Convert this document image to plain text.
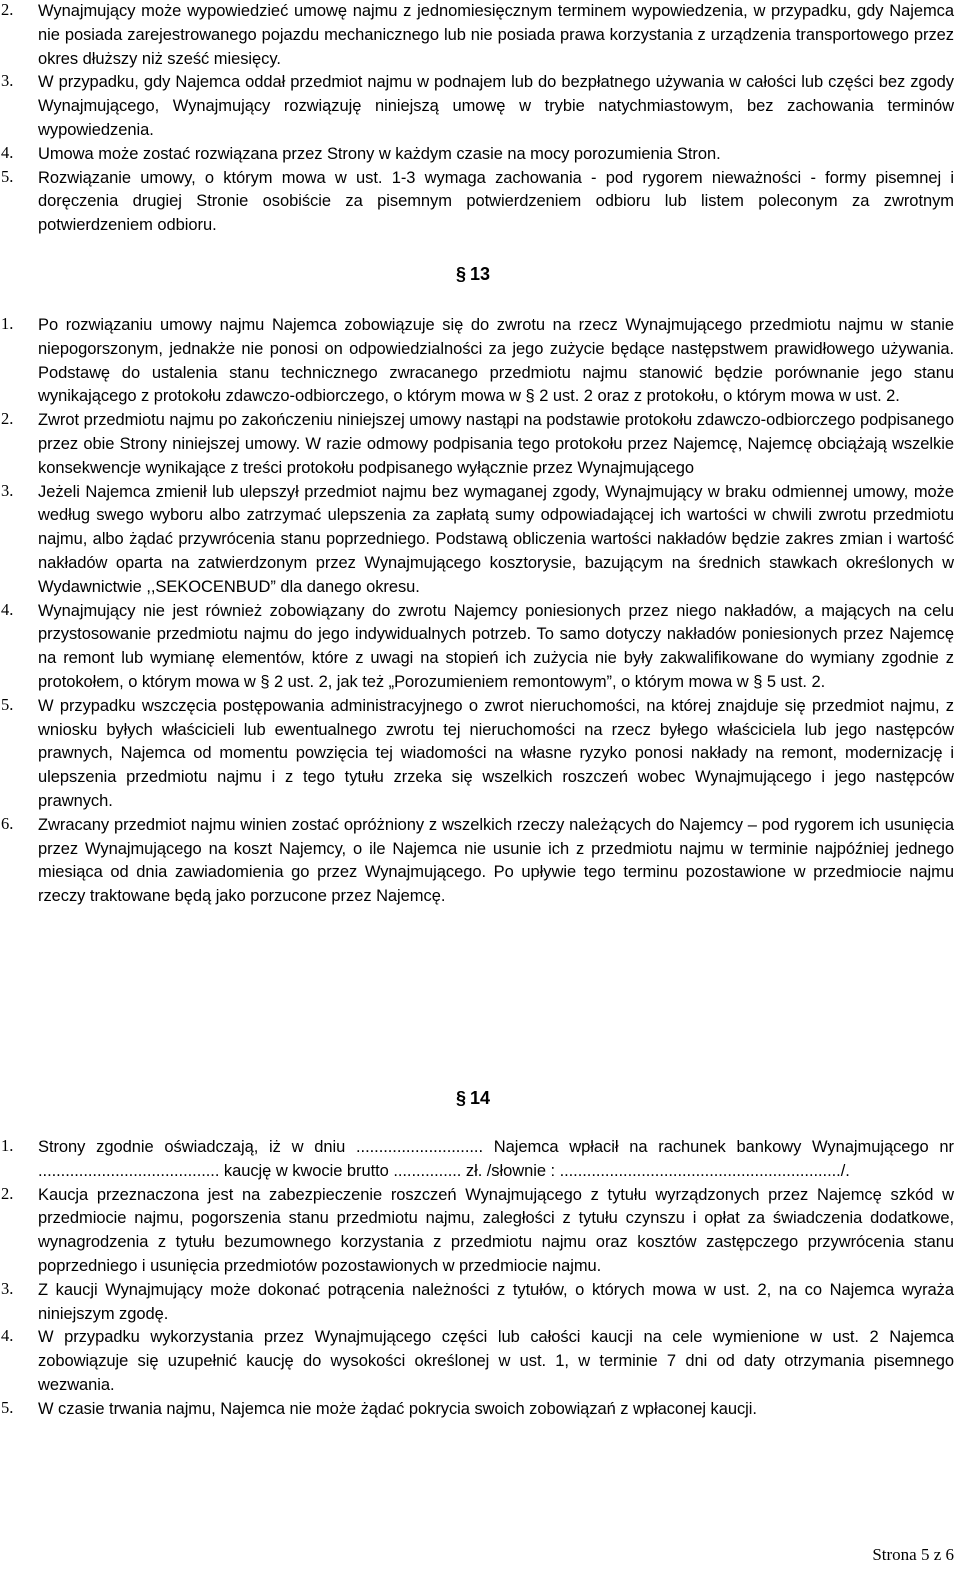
2. Wynajmujący może wypowiedzieć umowę najmu z jednomiesięcznym terminem wypowiedzenia, w przypadku, gdy Najemca nie posiada zarejestrowanego pojazdu mechanicznego lub nie posiada prawa korzystania z urządzenia transportowego przez okres dłuższy niż sześć miesięcy.
3. W przypadku, gdy Najemca oddał przedmiot najmu w podnajem lub do bezpłatnego używania w całości lub części bez zgody Wynajmującego, Wynajmujący rozwiązuję niniejszą umowę w trybie natychmiastowym, bez zachowania terminów wypowiedzenia.
4. Umowa może zostać rozwiązana przez Strony w każdym czasie na mocy porozumienia Stron.
5. Rozwiązanie umowy, o którym mowa w ust. 1-3 wymaga zachowania - pod rygorem nieważności - formy pisemnej i doręczenia drugiej Stronie osobiście za pisemnym potwierdzeniem odbioru lub listem poleconym za zwrotnym potwierdzeniem odbioru.
§ 13
1. Po rozwiązaniu umowy najmu Najemca zobowiązuje się do zwrotu na rzecz Wynajmującego przedmiotu najmu w stanie niepogorszonym, jednakże nie ponosi on odpowiedzialności za jego zużycie będące następstwem prawidłowego używania. Podstawę do ustalenia stanu technicznego zwracanego przedmiotu najmu stanowić będzie porównanie jego stanu wynikającego z protokołu zdawczo-odbiorczego, o którym mowa w § 2 ust. 2 oraz z protokołu, o którym mowa w ust. 2.
2. Zwrot przedmiotu najmu po zakończeniu niniejszej umowy nastąpi na podstawie protokołu zdawczo-odbiorczego podpisanego przez obie Strony niniejszej umowy. W razie odmowy podpisania tego protokołu przez Najemcę, Najemcę obciążają wszelkie konsekwencje wynikające z treści protokołu podpisanego wyłącznie przez Wynajmującego
3. Jeżeli Najemca zmienił lub ulepszył przedmiot najmu bez wymaganej zgody, Wynajmujący w braku odmiennej umowy, może według swego wyboru albo zatrzymać ulepszenia za zapłatą sumy odpowiadającej ich wartości w chwili zwrotu przedmiotu najmu, albo żądać przywrócenia stanu poprzedniego. Podstawą obliczenia wartości nakładów będzie zakres zmian i wartość nakładów oparta na zatwierdzonym przez Wynajmującego kosztorysie, bazującym na średnich stawkach określonych w Wydawnictwie ,,SEKOCENBUD” dla danego okresu.
4. Wynajmujący nie jest również zobowiązany do zwrotu Najemcy poniesionych przez niego nakładów, a mających na celu przystosowanie przedmiotu najmu do jego indywidualnych potrzeb. To samo dotyczy nakładów poniesionych przez Najemcę na remont lub wymianę elementów, które z uwagi na stopień ich zużycia nie były zakwalifikowane do wymiany zgodnie z protokołem, o którym mowa w § 2 ust. 2, jak też „Porozumieniem remontowym”, o którym mowa w § 5 ust. 2.
5. W przypadku wszczęcia postępowania administracyjnego o zwrot nieruchomości, na której znajduje się przedmiot najmu, z wniosku byłych właścicieli lub ewentualnego zwrotu tej nieruchomości na rzecz byłego właściciela lub jego następców prawnych, Najemca od momentu powzięcia tej wiadomości na własne ryzyko ponosi nakłady na remont, modernizację i ulepszenia przedmiotu najmu i z tego tytułu zrzeka się wszelkich roszczeń wobec Wynajmującego i jego następców prawnych.
6. Zwracany przedmiot najmu winien zostać opróżniony z wszelkich rzeczy należących do Najemcy – pod rygorem ich usunięcia przez Wynajmującego na koszt Najemcy, o ile Najemca nie usunie ich z przedmiotu najmu w terminie najpóźniej jednego miesiąca od dnia zawiadomienia go przez Wynajmującego. Po upływie tego terminu pozostawione w przedmiocie najmu rzeczy traktowane będą jako porzucone przez Najemcę.
§ 14
1. Strony zgodnie oświadczają, iż w dniu ............................ Najemca wpłacił na rachunek bankowy Wynajmującego nr ........................................ kaucję w kwocie brutto ............... zł. /słownie : ............................................................../.
2. Kaucja przeznaczona jest na zabezpieczenie roszczeń Wynajmującego z tytułu wyrządzonych przez Najemcę szkód w przedmiocie najmu, pogorszenia stanu przedmiotu najmu, zaległości z tytułu czynszu i opłat za świadczenia dodatkowe, wynagrodzenia z tytułu bezumownego korzystania z przedmiotu najmu oraz kosztów zastępczego przywrócenia stanu poprzedniego i usunięcia przedmiotów pozostawionych w przedmiocie najmu.
3. Z kaucji Wynajmujący może dokonać potrącenia należności z tytułów, o których mowa w ust. 2, na co Najemca wyraża niniejszym zgodę.
4. W przypadku wykorzystania przez Wynajmującego części lub całości kaucji na cele wymienione w ust. 2 Najemca zobowiązuje się uzupełnić kaucję do wysokości określonej w ust. 1, w terminie 7 dni od daty otrzymania pisemnego wezwania.
5. W czasie trwania najmu, Najemca nie może żądać pokrycia swoich zobowiązań z wpłaconej kaucji.
Strona 5 z 6
